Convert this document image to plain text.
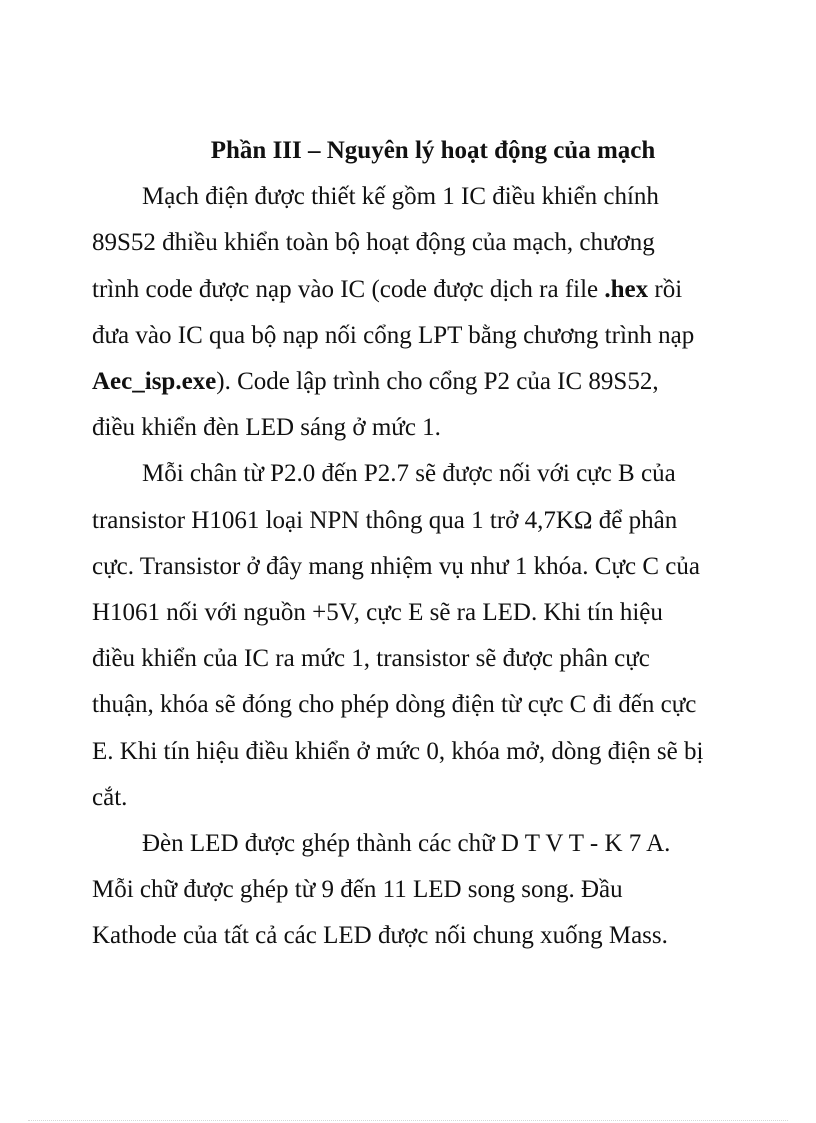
Phần III – Nguyên lý hoạt động của mạch

Mạch điện được thiết kế gồm 1 IC điều khiển chính
89S52 đhiều khiển toàn bộ hoạt động của mạch, chương
trình code được nạp vào IC (code được dịch ra file .hex rồi
đưa vào IC qua bộ nạp nối cổng LPT bằng chương trình nạp
Aec_isp.exe). Code lập trình cho cổng P2 của IC 89S52,
điều khiển đèn LED sáng ở mức 1.
Mỗi chân từ P2.0 đến P2.7 sẽ được nối với cực B của
transistor H1061 loại NPN thông qua 1 trở 4,7KΩ để phân
cực. Transistor ở đây mang nhiệm vụ như 1 khóa. Cực C của
H1061 nối với nguồn +5V, cực E sẽ ra LED. Khi tín hiệu
điều khiển của IC ra mức 1, transistor sẽ được phân cực
thuận, khóa sẽ đóng cho phép dòng điện từ cực C đi đến cực
E. Khi tín hiệu điều khiển ở mức 0, khóa mở, dòng điện sẽ bị
cắt.
Đèn LED được ghép thành các chữ D T V T - K 7 A.
Mỗi chữ được ghép từ 9 đến 11 LED song song. Đầu
Kathode của tất cả các LED được nối chung xuống Mass.
